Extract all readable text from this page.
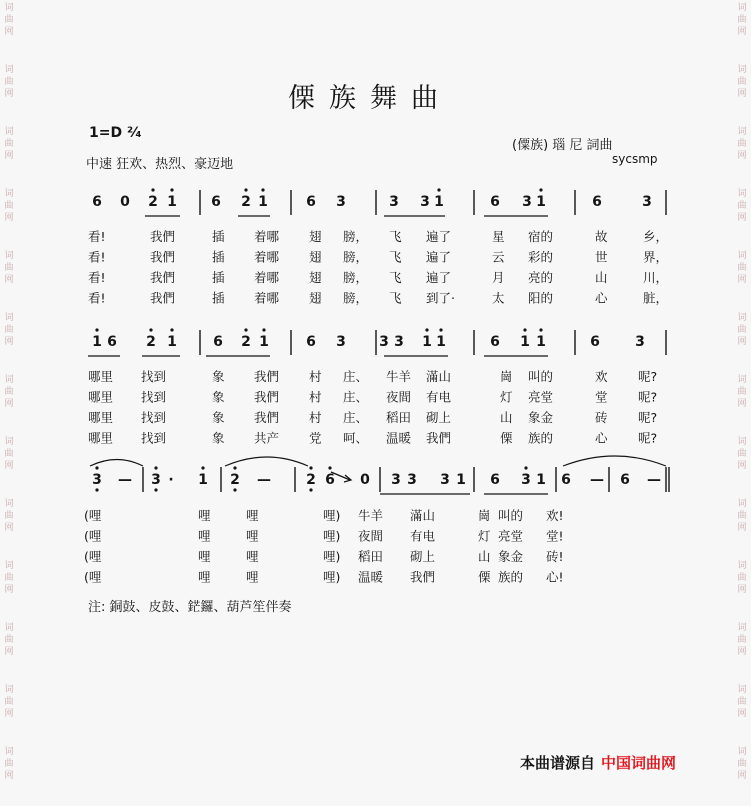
词
曲
网
词
曲
网
词
曲
网
词
曲
网
词
曲
网
词
曲
网
词
曲
网
词
曲
网
词
曲
网
词
曲
网
词
曲
网
词
曲
网
词
曲
网
词
曲
网
词
曲
网
词
曲
网
词
曲
网
词
曲
网
词
曲
网
词
曲
网
词
曲
网
词
曲
网
词
曲
网
词
曲
网
词
曲
网
词
曲
网
傈族舞曲
1=D ²⁄₄
中速 狂欢、热烈、豪迈地
(僳族) 瑙 尼 詞曲
sycsmp
6 0 2 1 6 2 1	6 3	3 3 1	6 3 1	6	3
看!	我們	插 着哪 翅 膀， 飞 遍了	星 宿的	故	乡，
看!	我們	插 着哪 翅 膀， 飞 遍了	云 彩的	世	界，
看!	我們	插 着哪 翅 膀， 飞 遍了	月 亮的	山	川，
看!	我們	插 着哪 翅 膀， 飞 到了·	太 阳的	心	脏，
1 6 2 1	6 2 1	6 3 3 3 1 1	6 1 1	6	3
哪里 找到	象 我們 村 庄、 牛羊 滿山	崗 叫的	欢 呢?
哪里 找到	象 我們 村 庄、 夜間 有电	灯 亮堂	堂 呢?
哪里 找到	象 我們 村 庄、 稻田 砌上	山 象金	砖 呢?
哪里 找到	象 共产 党 呵、 温暖 我們	傈 族的	心 呢?
3 — 3 · 1 2 —	2 6 0 3 3 3 1 6 3 1 6 — 6 —
(哩	哩	哩	哩) 牛羊 滿山	崗 叫的 欢!
(哩	哩	哩	哩) 夜間 有电	灯 亮堂 堂!
(哩	哩	哩	哩) 稻田 砌上	山 象金 砖!
(哩	哩	哩	哩) 温暖 我們	傈 族的 心!
注: 銅鼓、皮鼓、鋩鑼、葫芦笙伴奏
本曲谱源自 中国词曲网
